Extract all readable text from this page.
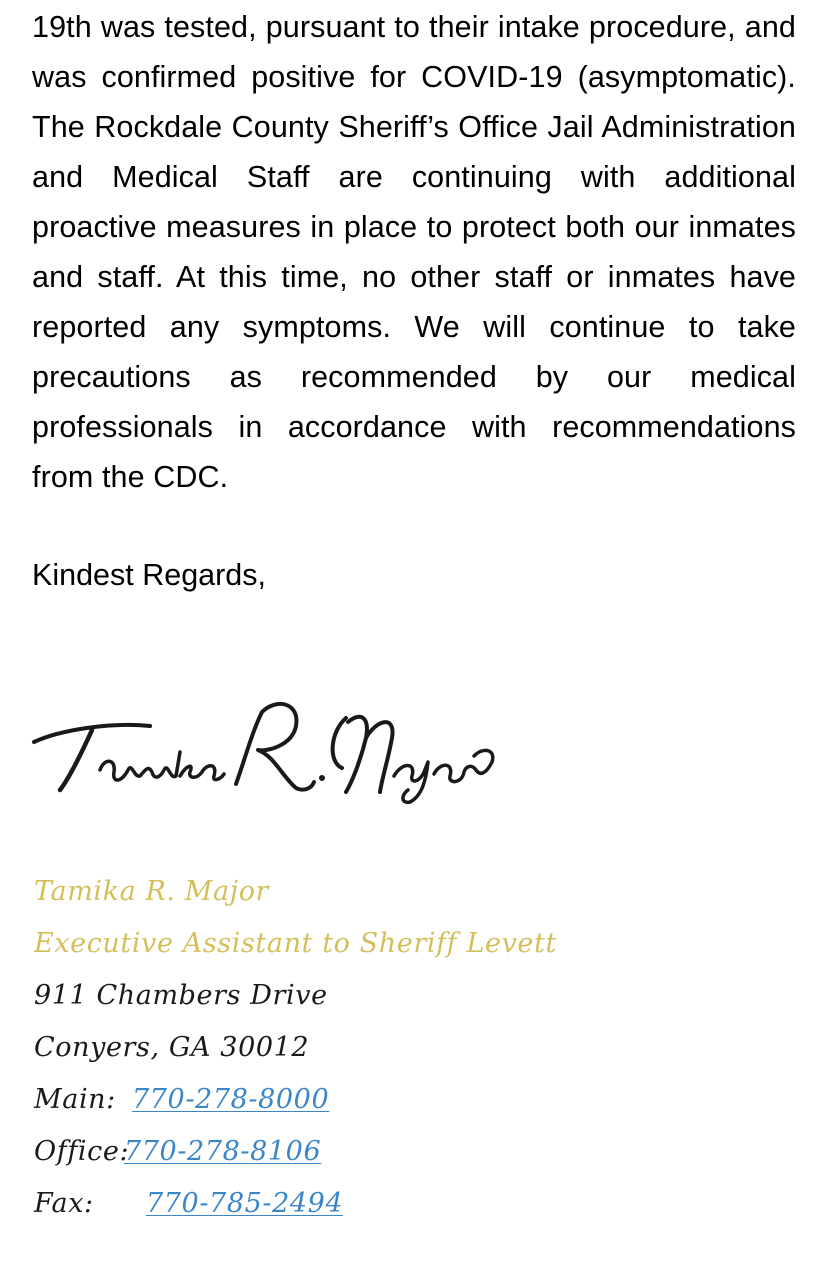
19th was tested, pursuant to their intake procedure, and was confirmed positive for COVID-19 (asymptomatic). The Rockdale County Sheriff’s Office Jail Administration and Medical Staff are continuing with additional proactive measures in place to protect both our inmates and staff. At this time, no other staff or inmates have reported any symptoms. We will continue to take precautions as recommended by our medical professionals in accordance with recommendations from the CDC.

Kindest Regards,

Tamika R. Major
Executive Assistant to Sheriff Levett
911 Chambers Drive
Conyers, GA 30012
Main: 770-278-8000
Office:770-278-8106
Fax: 770-785-2494
